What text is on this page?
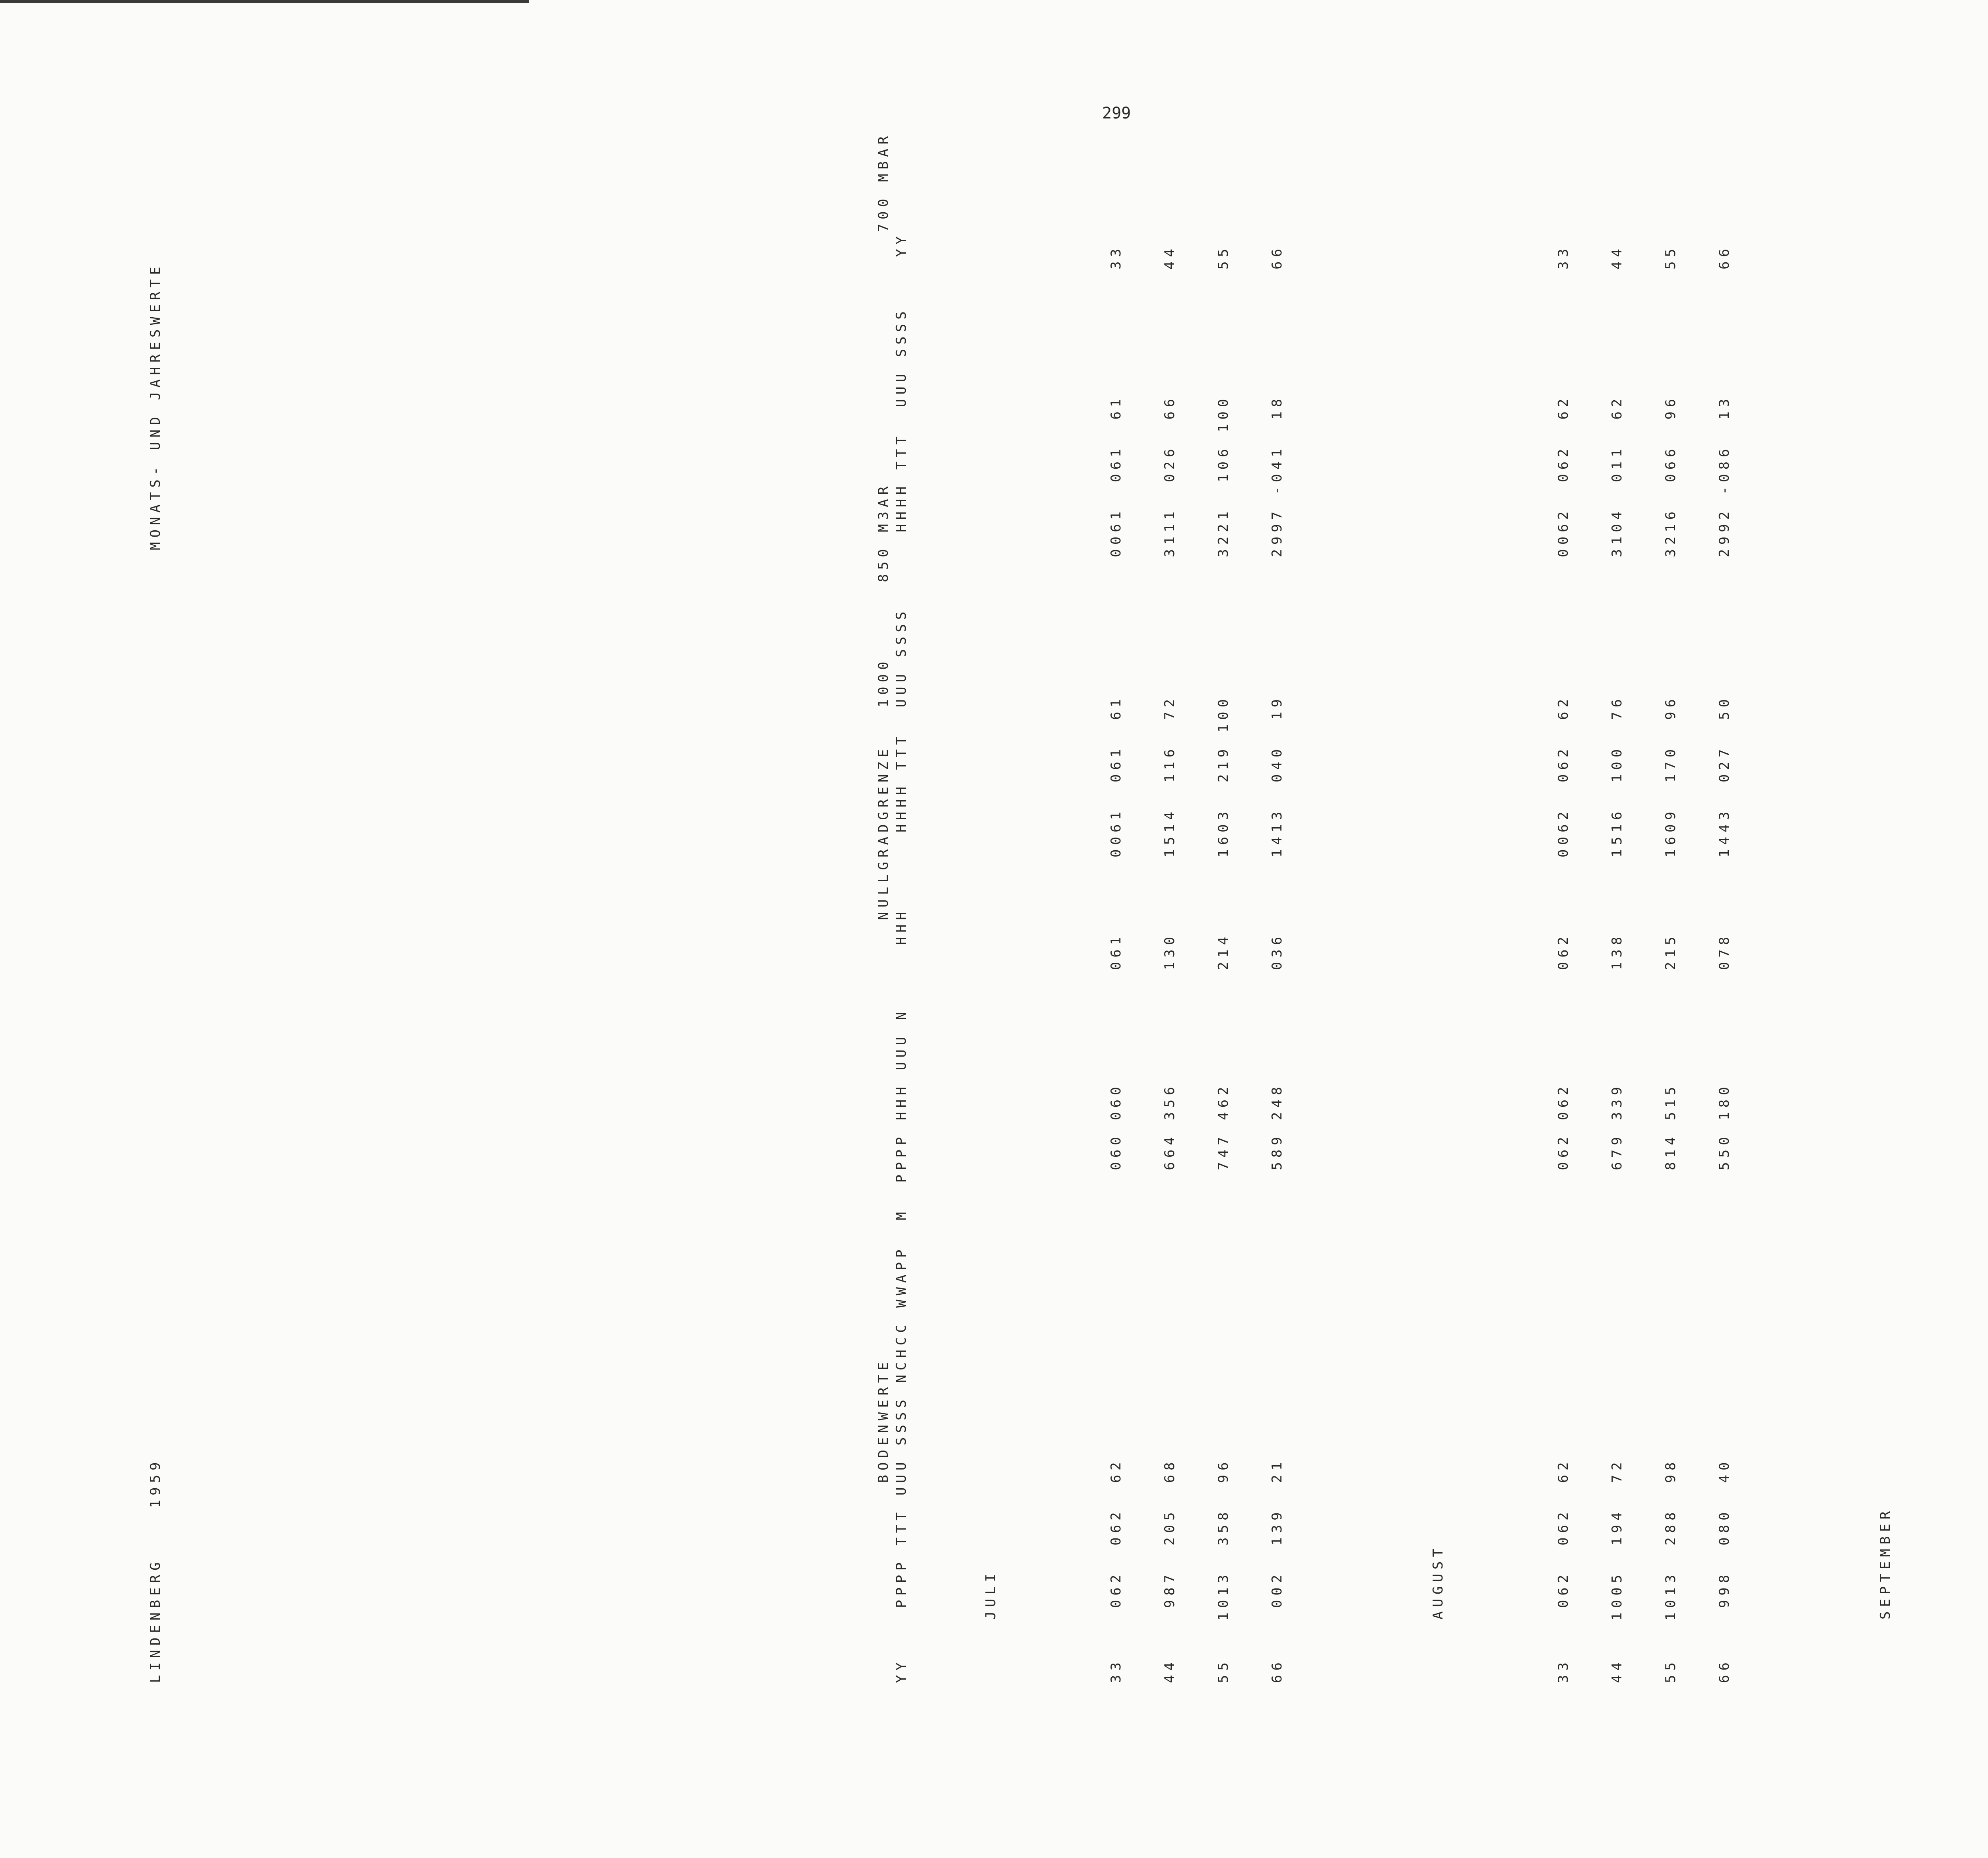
299
LINDENBERG    1959
MONATS- UND JAHRESWERTE	BODENWERTE                                   NULLGRADGRENZE   1000      850 M3AR                    700 MBAR YY    PPPP TTT UUU SSSS NCHCC WWAPP  M  PPPP HHH UUU N     HHH      HHHH TTT  UUU SSSS      HHHH TTT  UUU SSSS    YY

	JULI

	33    062  062  62                       060 060         061      0061  061  61           0061  061  61          33

	44    987  205  68                       664 356         130      1514  116  72           3111  026  66          44

	55   1013  358  96                       747 462         214      1603  219 100           3221  106 100          55

	66    002  139  21                       589 248         036      1413  040  19           2997 -041  18          66

	AUGUST

	33    062  062  62                       062 062         062      0062  062  62           0062  062  62          33

	44   1005  194  72                       679 339         138      1516  100  76           3104  011  62          44

	55   1013  288  98                       814 515         215      1609  170  96           3216  066  96          55

	66    998  080  40                       550 180         078      1443  027  50           2992 -086  13          66

	SEPTEMBER
